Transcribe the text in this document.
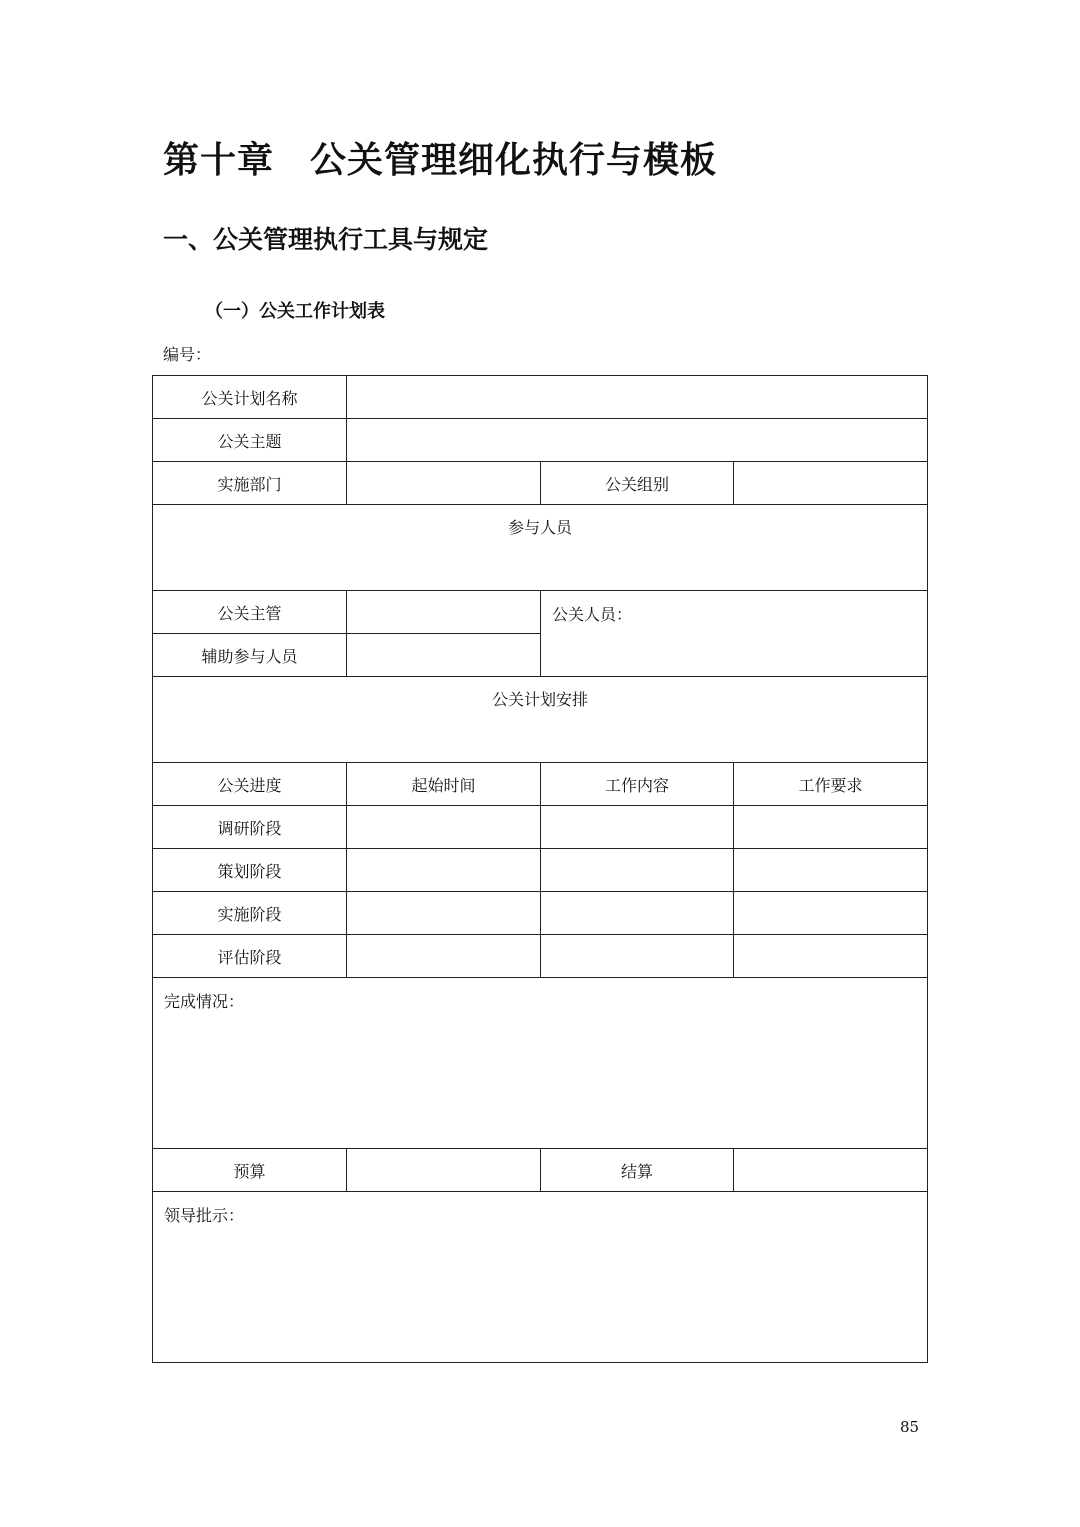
第十章 公关管理细化执行与模板
一、公关管理执行工具与规定
（一）公关工作计划表
编号：
公关计划名称			
公关主题			
实施部门		公关组别	
参与人员			
公关主管		公关人员：	
辅助参与人员			
公关计划安排			
公关进度	起始时间	工作内容	工作要求
调研阶段			
策划阶段			
实施阶段			
评估阶段			
完成情况：			
预算		结算	
领导批示：			
85
